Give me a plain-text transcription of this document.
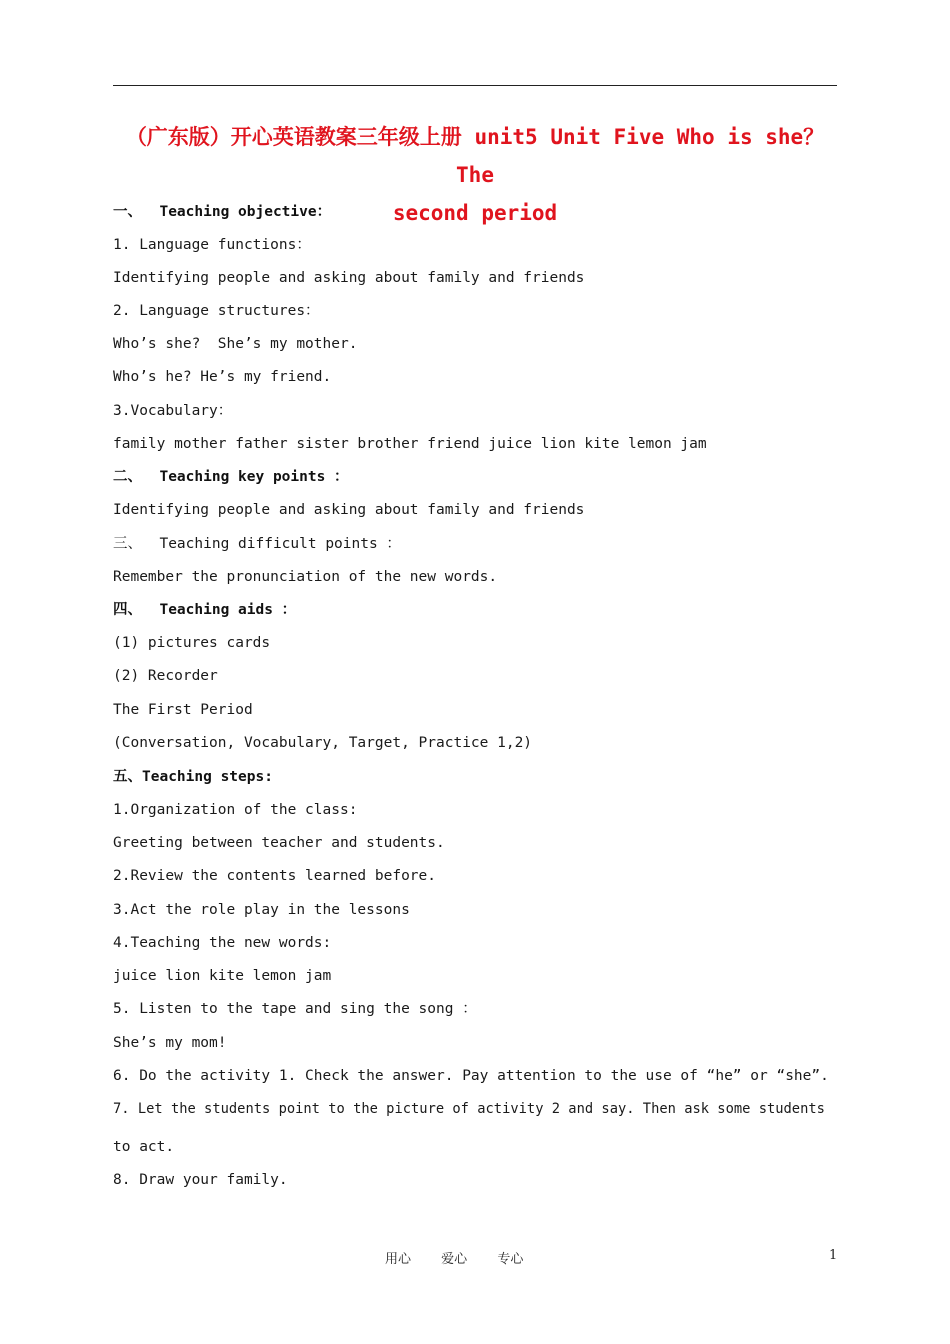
（广东版）开心英语教案三年级上册 unit5 Unit Five Who is she？The
second period
一、  Teaching objective：
1. Language functions：
Identifying people and asking about family and friends
2. Language structures：
Who’s she?  She’s my mother.
Who’s he? He’s my friend.
3.Vocabulary：
family mother father sister brother friend juice lion kite lemon jam
二、  Teaching key points ：
Identifying people and asking about family and friends
三、  Teaching difficult points ：
Remember the pronunciation of the new words.
四、  Teaching aids ：
(1) pictures cards
(2) Recorder
The First Period
(Conversation, Vocabulary, Target, Practice 1,2)
五、Teaching steps:
1.Organization of the class:
Greeting between teacher and students.
2.Review the contents learned before.
3.Act the role play in the lessons
4.Teaching the new words:
juice lion kite lemon jam
5. Listen to the tape and sing the song ：
She’s my mom!
6. Do the activity 1. Check the answer. Pay attention to the use of “he” or “she”.
7. Let the students point to the picture of activity 2 and say. Then ask some students
to act.
8. Draw your family.
用心 爱心 专心	1
